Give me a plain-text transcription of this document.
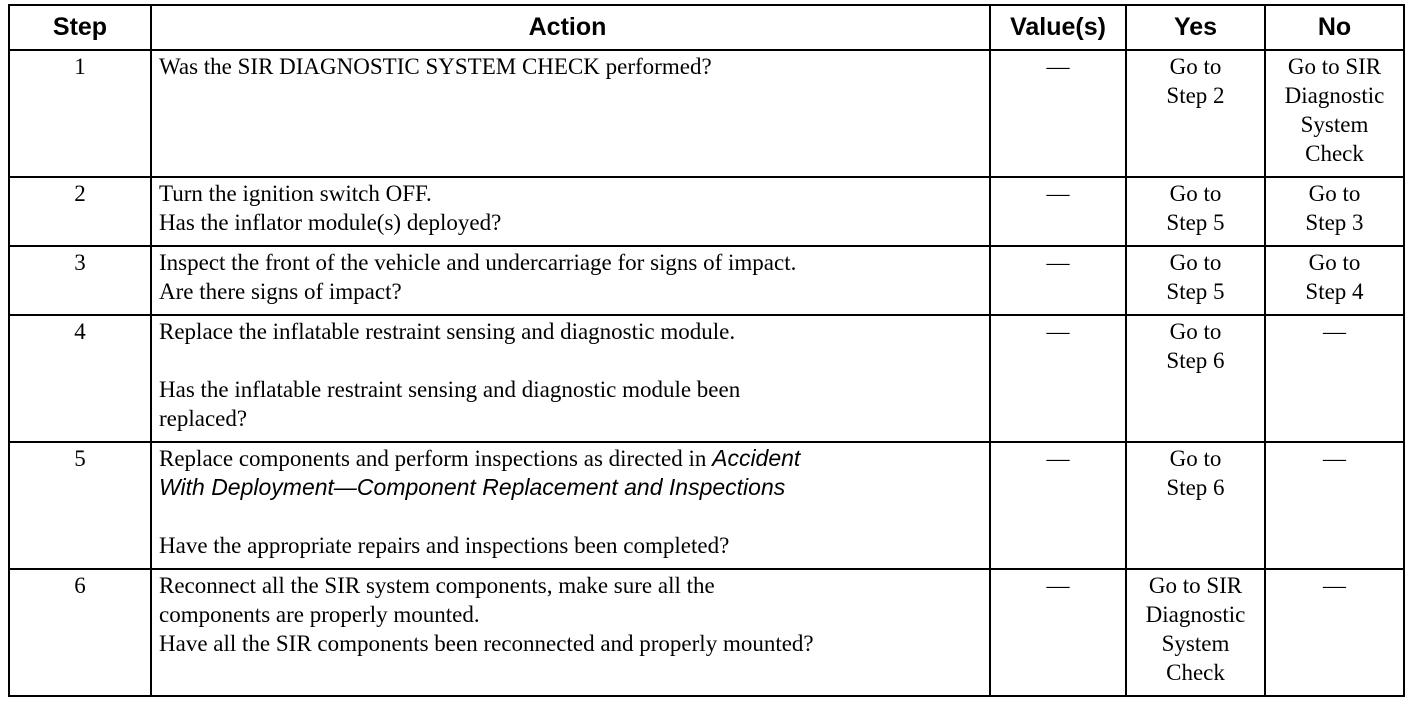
Step	Action	Value(s)	Yes	No
1	Was the SIR DIAGNOSTIC SYSTEM CHECK performed?	—	Go to
Step 2	Go to SIR
Diagnostic
System
Check

2	Turn the ignition switch OFF.
Has the inflator module(s) deployed?	—	Go to
Step 5	Go to
Step 3

3	Inspect the front of the vehicle and undercarriage for signs of impact.
Are there signs of impact?	—	Go to
Step 5	Go to
Step 4

4	Replace the inflatable restraint sensing and diagnostic module.
Has the inflatable restraint sensing and diagnostic module been
replaced?	—	Go to
Step 6	—

5	Replace components and perform inspections as directed in Accident
With Deployment—Component Replacement and Inspections
Have the appropriate repairs and inspections been completed?	—	Go to
Step 6	—

6	Reconnect all the SIR system components, make sure all the
components are properly mounted.
Have all the SIR components been reconnected and properly mounted?	—	Go to SIR
Diagnostic
System
Check	—
